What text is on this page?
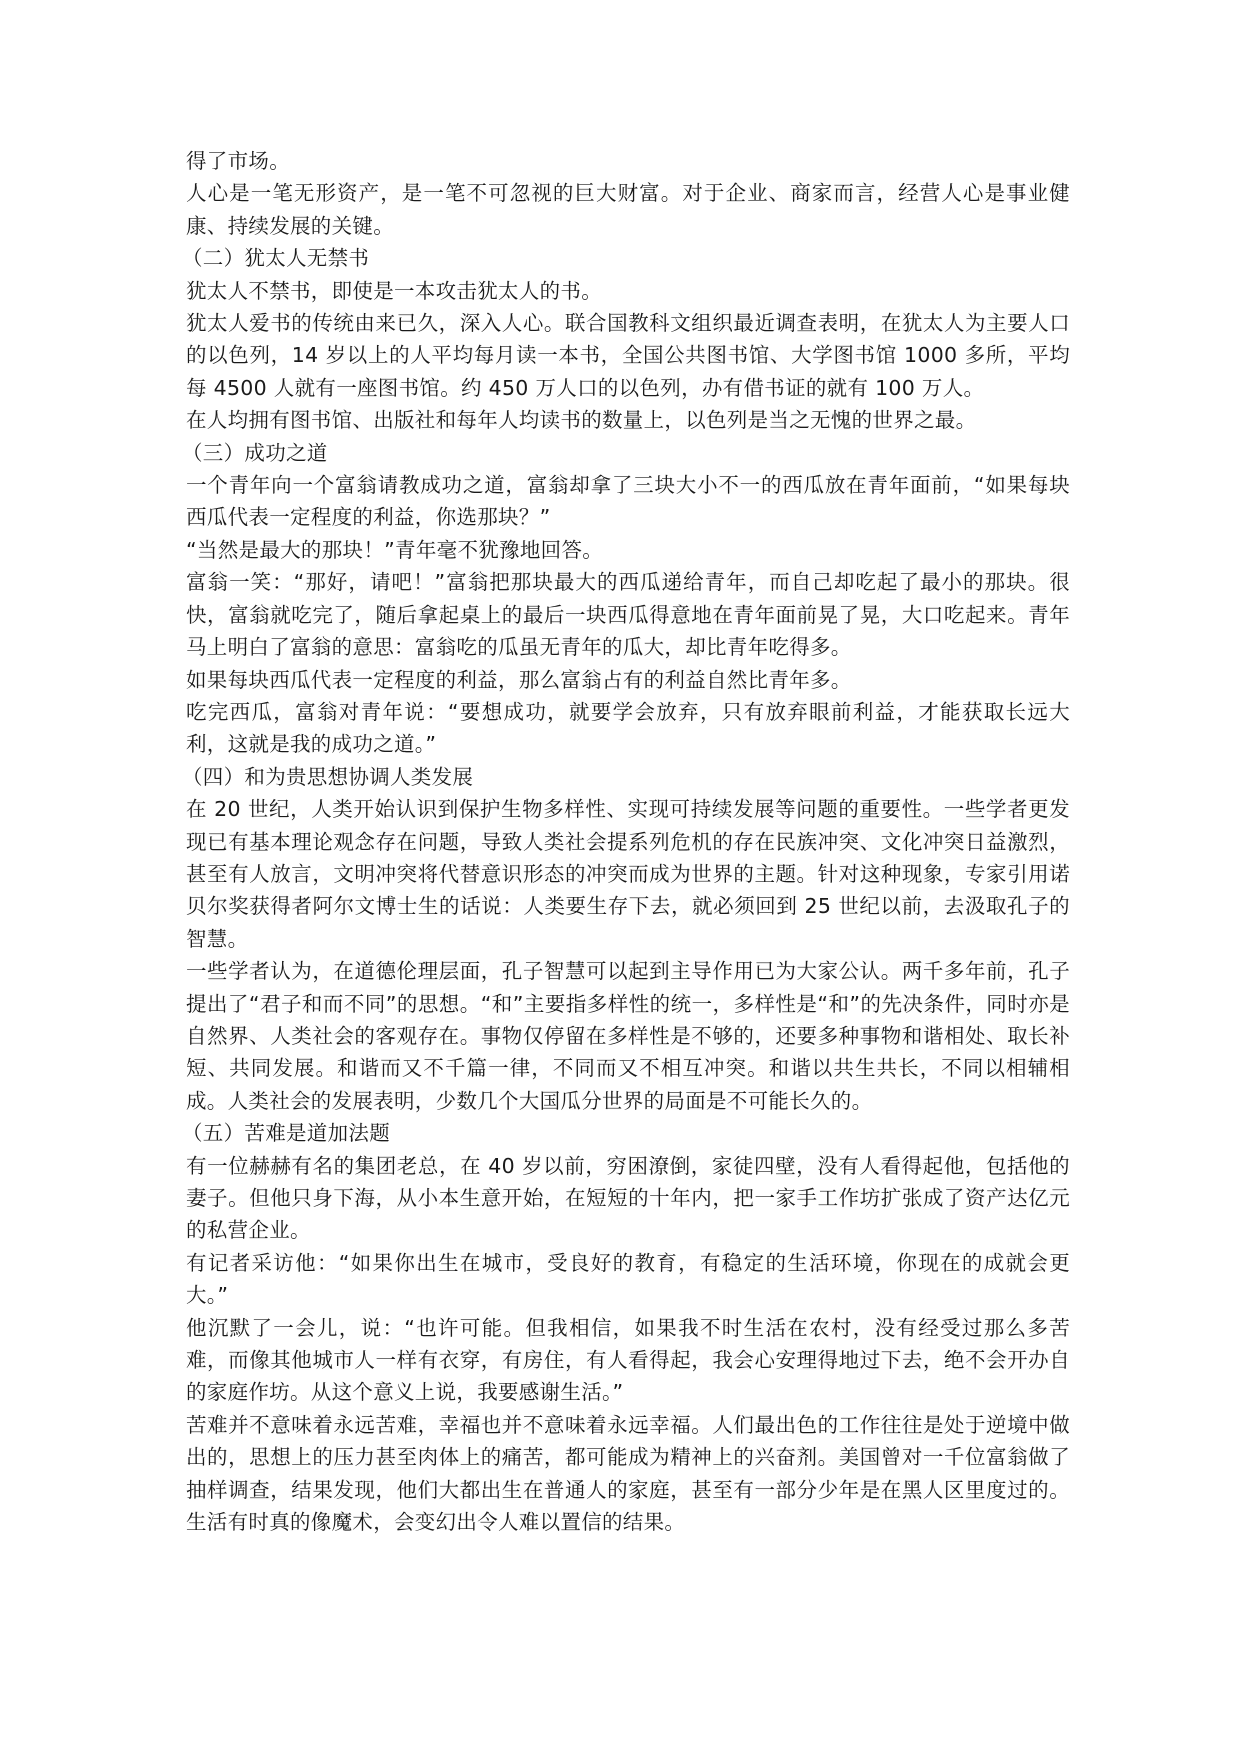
得了市场。

人心是一笔无形资产，是一笔不可忽视的巨大财富。对于企业、商家而言，经营人心是事业健康、持续发展的关键。

（二）犹太人无禁书

犹太人不禁书，即使是一本攻击犹太人的书。

犹太人爱书的传统由来已久，深入人心。联合国教科文组织最近调查表明，在犹太人为主要人口的以色列，14 岁以上的人平均每月读一本书，全国公共图书馆、大学图书馆 1000 多所，平均每 4500 人就有一座图书馆。约 450 万人口的以色列，办有借书证的就有 100 万人。

在人均拥有图书馆、出版社和每年人均读书的数量上，以色列是当之无愧的世界之最。

（三）成功之道

一个青年向一个富翁请教成功之道，富翁却拿了三块大小不一的西瓜放在青年面前，“如果每块西瓜代表一定程度的利益，你选那块？”

“当然是最大的那块！”青年毫不犹豫地回答。

富翁一笑：“那好，请吧！”富翁把那块最大的西瓜递给青年，而自己却吃起了最小的那块。很快，富翁就吃完了，随后拿起桌上的最后一块西瓜得意地在青年面前晃了晃，大口吃起来。青年马上明白了富翁的意思：富翁吃的瓜虽无青年的瓜大，却比青年吃得多。

如果每块西瓜代表一定程度的利益，那么富翁占有的利益自然比青年多。

吃完西瓜，富翁对青年说：“要想成功，就要学会放弃，只有放弃眼前利益，才能获取长远大利，这就是我的成功之道。”

（四）和为贵思想协调人类发展

在 20 世纪，人类开始认识到保护生物多样性、实现可持续发展等问题的重要性。一些学者更发现已有基本理论观念存在问题，导致人类社会提系列危机的存在民族冲突、文化冲突日益激烈，甚至有人放言，文明冲突将代替意识形态的冲突而成为世界的主题。针对这种现象，专家引用诺贝尔奖获得者阿尔文博士生的话说：人类要生存下去，就必须回到 25 世纪以前，去汲取孔子的智慧。

一些学者认为，在道德伦理层面，孔子智慧可以起到主导作用已为大家公认。两千多年前，孔子提出了“君子和而不同”的思想。“和”主要指多样性的统一，多样性是“和”的先决条件，同时亦是自然界、人类社会的客观存在。事物仅停留在多样性是不够的，还要多种事物和谐相处、取长补短、共同发展。和谐而又不千篇一律，不同而又不相互冲突。和谐以共生共长，不同以相辅相成。人类社会的发展表明，少数几个大国瓜分世界的局面是不可能长久的。

（五）苦难是道加法题

有一位赫赫有名的集团老总，在 40 岁以前，穷困潦倒，家徒四壁，没有人看得起他，包括他的妻子。但他只身下海，从小本生意开始，在短短的十年内，把一家手工作坊扩张成了资产达亿元的私营企业。

有记者采访他：“如果你出生在城市，受良好的教育，有稳定的生活环境，你现在的成就会更大。”

他沉默了一会儿，说：“也许可能。但我相信，如果我不时生活在农村，没有经受过那么多苦难，而像其他城市人一样有衣穿，有房住，有人看得起，我会心安理得地过下去，绝不会开办自的家庭作坊。从这个意义上说，我要感谢生活。”

苦难并不意味着永远苦难，幸福也并不意味着永远幸福。人们最出色的工作往往是处于逆境中做出的，思想上的压力甚至肉体上的痛苦，都可能成为精神上的兴奋剂。美国曾对一千位富翁做了抽样调查，结果发现，他们大都出生在普通人的家庭，甚至有一部分少年是在黑人区里度过的。生活有时真的像魔术，会变幻出令人难以置信的结果。
